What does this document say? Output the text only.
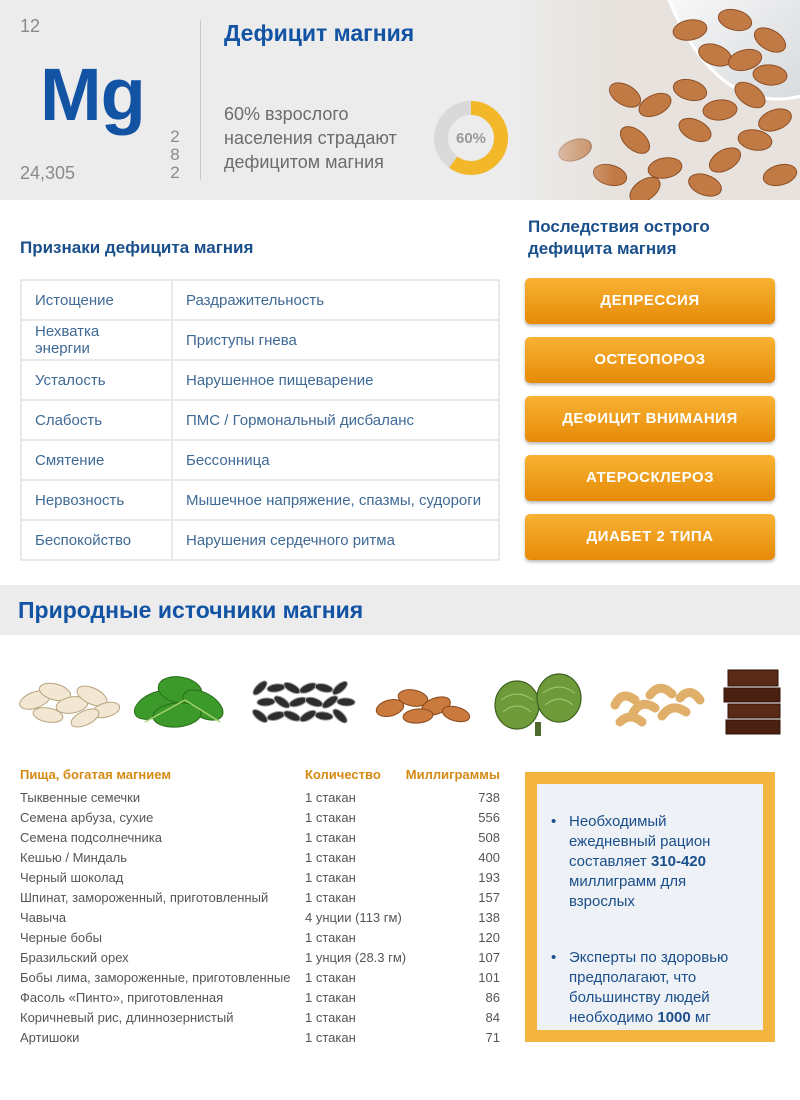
12
Mg
24,305
2
8
2
Дефицит магния
60% взрослого населения страдают дефицитом магния
60%
Признаки дефицита магния
Истощение	Раздражительность
Нехватка энергии	Приступы гнева
Усталость	Нарушенное пищеварение
Слабость	ПМС / Гормональный дисбаланс
Смятение	Бессонница
Нервозность	Мышечное напряжение, спазмы, судороги
Беспокойство	Нарушения сердечного ритма
Последствия острого дефицита магния
ДЕПРЕССИЯ
ОСТЕОПОРОЗ
ДЕФИЦИТ ВНИМАНИЯ
АТЕРОСКЛЕРОЗ
ДИАБЕТ 2 ТИПА
Природные источники магния
Пища, богатая магнием	Количество Миллиграммы
Тыквенные семечки	1 стакан	738
Семена арбуза, сухие	1 стакан	556
Семена подсолнечника	1 стакан	508
Кешью / Миндаль	1 стакан	400
Черный шоколад	1 стакан	193
Шпинат, замороженный, приготовленный	1 стакан	157
Чавыча	4 унции (113 гм)	138
Черные бобы	1 стакан	120
Бразильский орех	1 унция (28.3 гм)	107
Бобы лима, замороженные, приготовленные 1 стакан	101
Фасоль «Пинто», приготовленная	1 стакан	86
Коричневый рис, длиннозернистый	1 стакан	84
Артишоки	1 стакан	71
• Необходимый ежедневный рацион составляет 310-420 миллиграмм для взрослых
• Эксперты по здоровью предполагают, что большинству людей необходимо 1000 мг
